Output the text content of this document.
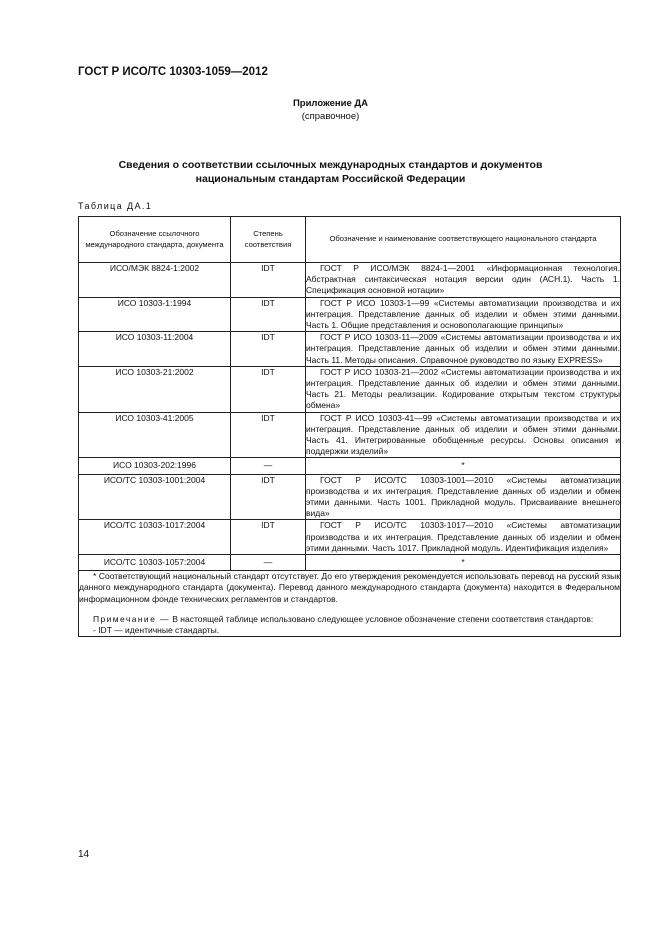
ГОСТ Р ИСО/ТС 10303-1059—2012
Приложение ДА
(справочное)
Сведения о соответствии ссылочных международных стандартов и документов
национальным стандартам Российской Федерации
Таблица ДА.1
Обозначение ссылочного международного стандарта, документа	Степень соответствия	Обозначение и наименование соответствующего национального стандарта
ИСО/МЭК 8824-1:2002	IDT	ГОСТ Р ИСО/МЭК 8824-1—2001 «Информационная технология. Абстрактная синтаксическая нотация версии один (АСН.1). Часть 1. Спецификация основной нотации»

ИСО 10303-1:1994	IDT	ГОСТ Р ИСО 10303-1—99 «Системы автоматизации производства и их интеграция. Представление данных об изделии и обмен этими данными. Часть 1. Общие представления и основополагающие принципы»

ИСО 10303-11:2004	IDT	ГОСТ Р ИСО 10303-11—2009 «Системы автоматизации производства и их интеграция. Представление данных об изделии и обмен этими данными. Часть 11. Методы описания. Справочное руководство по языку EXPRESS»

ИСО 10303-21:2002	IDT	ГОСТ Р ИСО 10303-21—2002 «Системы автоматизации производства и их интеграция. Представление данных об изделии и обмен этими данными. Часть 21. Методы реализации. Кодирование открытым текстом структуры обмена»

ИСО 10303-41:2005	IDT	ГОСТ Р ИСО 10303-41—99 «Системы автоматизации производства и их интеграция. Представление данных об изделии и обмен этими данными. Часть 41. Интегрированные обобщенные ресурсы. Основы описания и поддержки изделий»

ИСО 10303-202:1996	—	*
ИСО/ТС 10303-1001:2004	IDT	ГОСТ Р ИСО/ТС 10303-1001—2010 «Системы автоматизации производства и их интеграция. Представление данных об изделии и обмен этими данными. Часть 1001. Прикладной модуль. Присваивание внешнего вида»

ИСО/ТС 10303-1017:2004	IDT	ГОСТ Р ИСО/ТС 10303-1017—2010 «Системы автоматизации производства и их интеграция. Представление данных об изделии и обмен этими данными. Часть 1017. Прикладной модуль. Идентификация изделия»

ИСО/ТС 10303-1057:2004	—	*

* Соответствующий национальный стандарт отсутствует. До его утверждения рекомендуется использовать перевод на русский язык данного международного стандарта (документа). Перевод данного международного стандарта (документа) находится в Федеральном информационном фонде технических регламентов и стандартов.

Примечание — В настоящей таблице использовано следующее условное обозначение степени соответствия стандартов:

- IDT — идентичные стандарты.		

14
